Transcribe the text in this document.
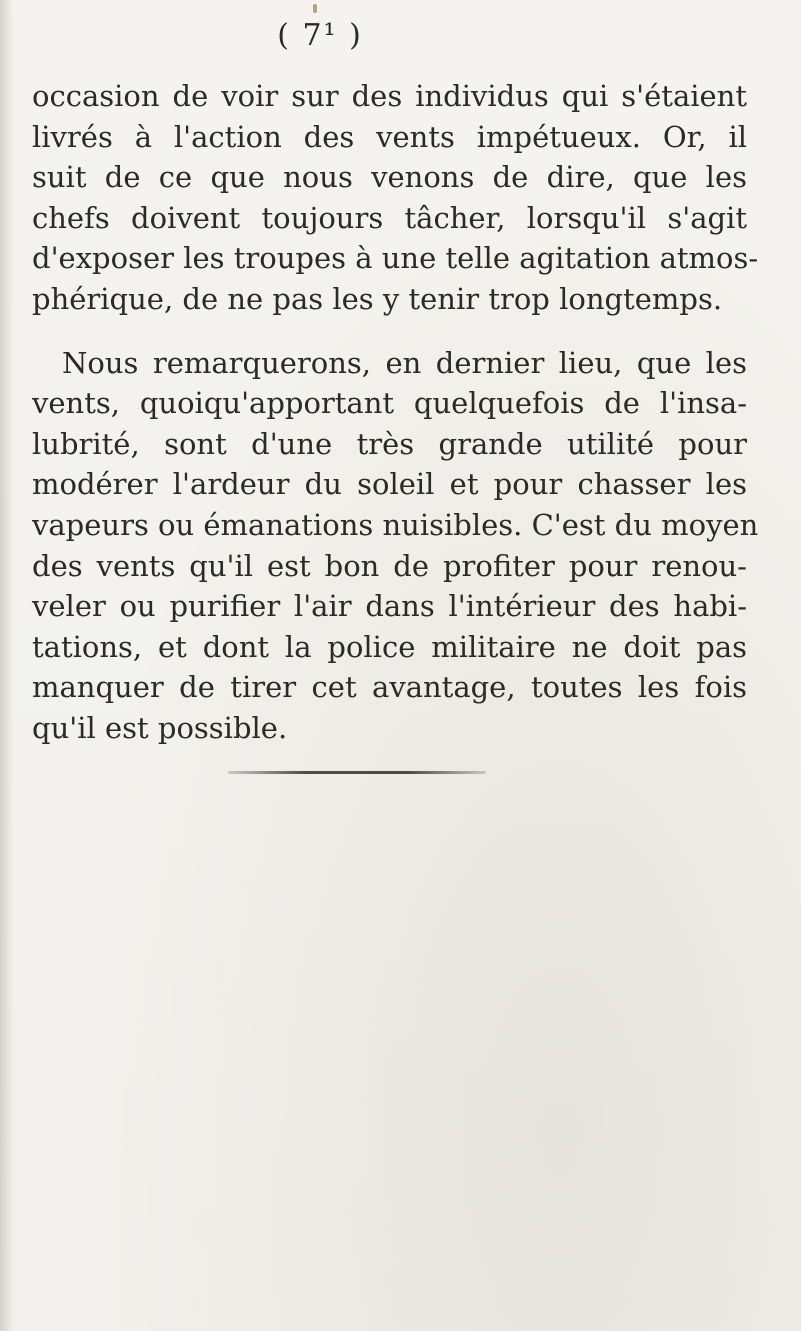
( 7¹ )
occasion de voir sur des individus qui s'étaient
livrés à l'action des vents impétueux. Or, il
suit de ce que nous venons de dire, que les
chefs doivent toujours tâcher, lorsqu'il s'agit
d'exposer les troupes à une telle agitation atmos-
phérique, de ne pas les y tenir trop longtemps.
Nous remarquerons, en dernier lieu, que les
vents, quoiqu'apportant quelquefois de l'insa-
lubrité, sont d'une très grande utilité pour
modérer l'ardeur du soleil et pour chasser les
vapeurs ou émanations nuisibles. C'est du moyen
des vents qu'il est bon de profiter pour renou-
veler ou purifier l'air dans l'intérieur des habi-
tations, et dont la police militaire ne doit pas
manquer de tirer cet avantage, toutes les fois
qu'il est possible.
